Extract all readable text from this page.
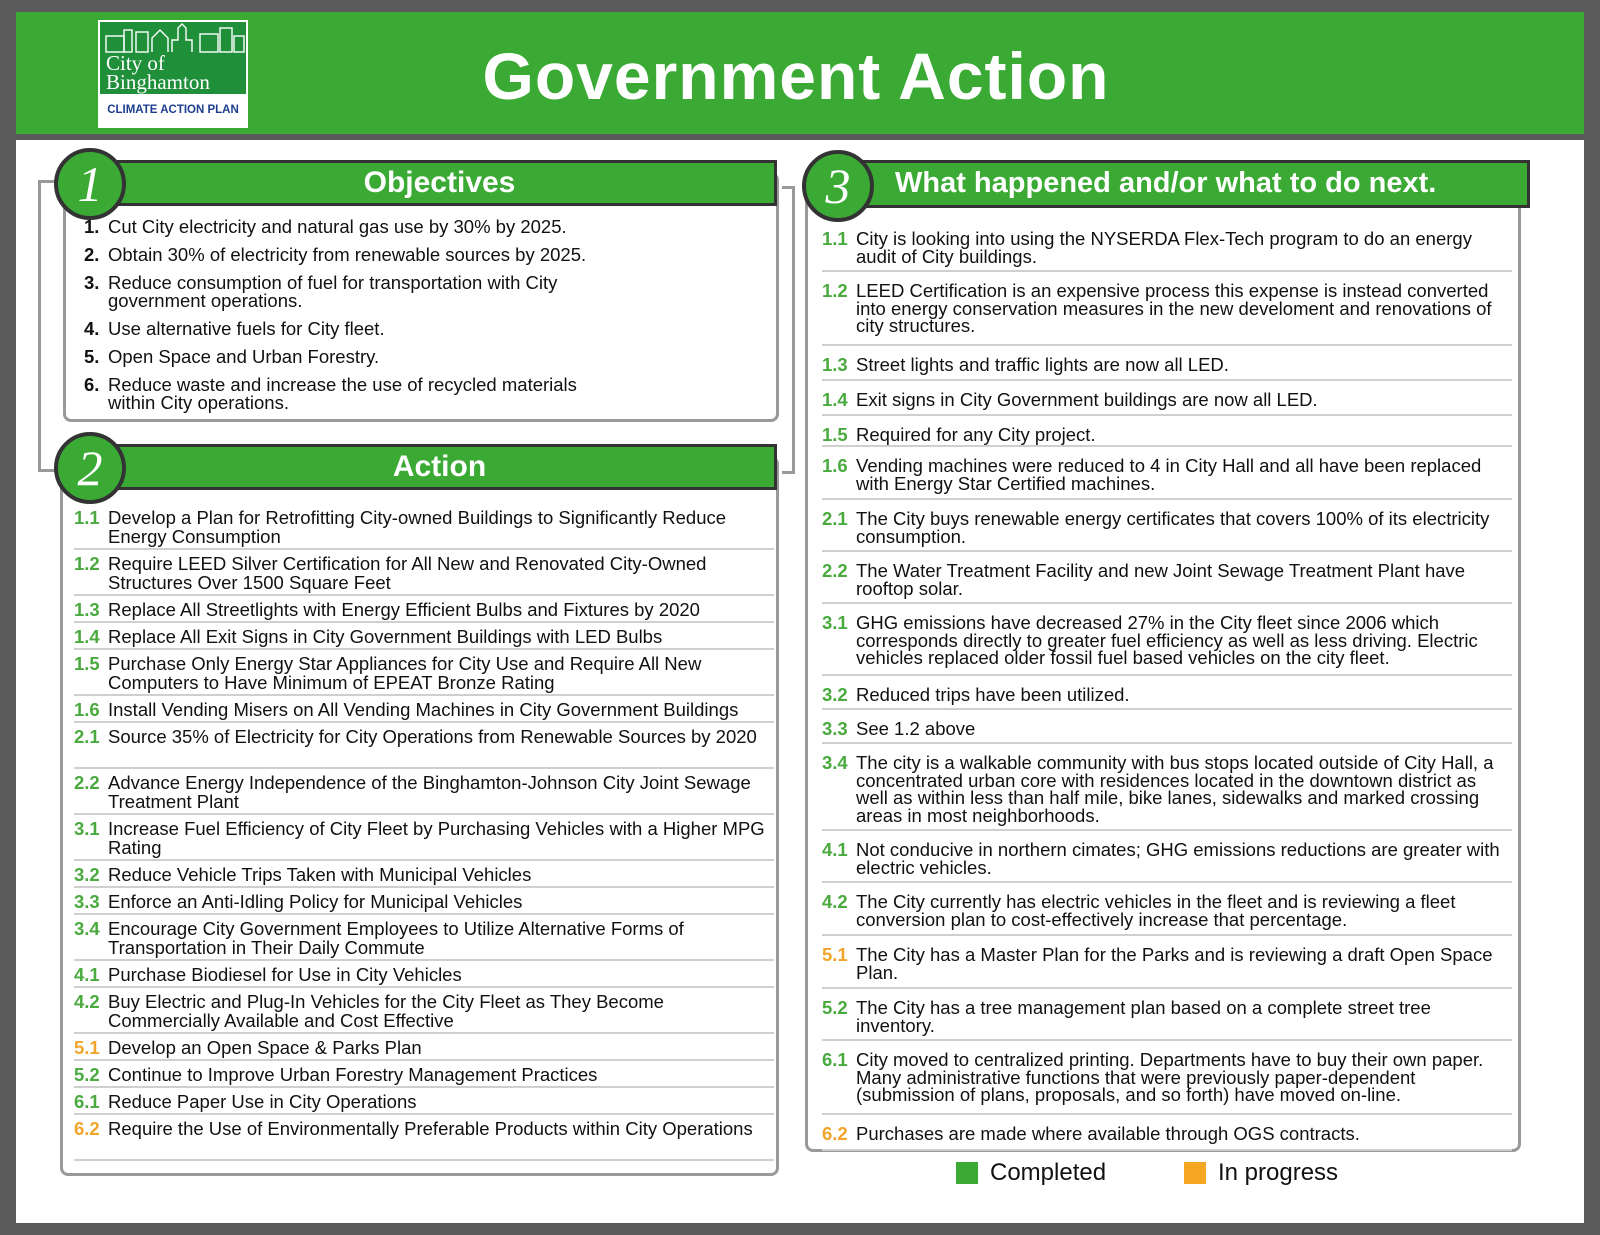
City of
Binghamton
CLIMATE ACTION PLAN	Government Action
Objectives
1
1. Cut City electricity and natural gas use by 30% by 2025.
2. Obtain 30% of electricity from renewable sources by 2025.
3. Reduce consumption of fuel for transportation with City government operations.
4. Use alternative fuels for City fleet.
5. Open Space and Urban Forestry.
6. Reduce waste and increase the use of recycled materials within City operations.
Action
2
1.1 Develop a Plan for Retrofitting City-owned Buildings to Significantly Reduce Energy Consumption
1.2 Require LEED Silver Certification for All New and Renovated City-Owned Structures Over 1500 Square Feet
1.3 Replace All Streetlights with Energy Efficient Bulbs and Fixtures by 2020
1.4 Replace All Exit Signs in City Government Buildings with LED Bulbs
1.5 Purchase Only Energy Star Appliances for City Use and Require All New Computers to Have Minimum of EPEAT Bronze Rating
1.6 Install Vending Misers on All Vending Machines in City Government Buildings
2.1 Source 35% of Electricity for City Operations from Renewable Sources by 2020
2.2 Advance Energy Independence of the Binghamton-Johnson City Joint Sewage Treatment Plant
3.1 Increase Fuel Efficiency of City Fleet by Purchasing Vehicles with a Higher MPG Rating
3.2 Reduce Vehicle Trips Taken with Municipal Vehicles
3.3 Enforce an Anti-Idling Policy for Municipal Vehicles
3.4 Encourage City Government Employees to Utilize Alternative Forms of Transportation in Their Daily Commute
4.1 Purchase Biodiesel for Use in City Vehicles
4.2 Buy Electric and Plug-In Vehicles for the City Fleet as They Become Commercially Available and Cost Effective
5.1 Develop an Open Space & Parks Plan
5.2 Continue to Improve Urban Forestry Management Practices
6.1 Reduce Paper Use in City Operations
6.2 Require the Use of Environmentally Preferable Products within City Operations
What happened and/or what to do next.
3
1.1 City is looking into using the NYSERDA Flex-Tech program to do an energy audit of City buildings.
1.2 LEED Certification is an expensive process this expense is instead converted into energy conservation measures in the new develoment and renovations of city structures.
1.3 Street lights and traffic lights are now all LED.
1.4 Exit signs in City Government buildings are now all LED.
1.5 Required for any City project.
1.6 Vending machines were reduced to 4 in City Hall and all have been replaced with Energy Star Certified machines.
2.1 The City buys renewable energy certificates that covers 100% of its electricity consumption.
2.2 The Water Treatment Facility and new Joint Sewage Treatment Plant have rooftop solar.
3.1 GHG emissions have decreased 27% in the City fleet since 2006 which corresponds directly to greater fuel efficiency as well as less driving. Electric vehicles replaced older fossil fuel based vehicles on the city fleet.
3.2 Reduced trips have been utilized.
3.3 See 1.2 above
3.4 The city is a walkable community with bus stops located outside of City Hall, a concentrated urban core with residences located in the downtown district as well as within less than half mile, bike lanes, sidewalks and marked crossing areas in most neighborhoods.
4.1 Not conducive in northern cimates; GHG emissions reductions are greater with electric vehicles.
4.2 The City currently has electric vehicles in the fleet and is reviewing a fleet conversion plan to cost-effectively increase that percentage.
5.1 The City has a Master Plan for the Parks and is reviewing a draft Open Space Plan.
5.2 The City has a tree management plan based on a complete street tree inventory.
6.1 City moved to centralized printing. Departments have to buy their own paper. Many administrative functions that were previously paper-dependent (submission of plans, proposals, and so forth) have moved on-line.
6.2 Purchases are made where available through OGS contracts.
Completed	In progress
